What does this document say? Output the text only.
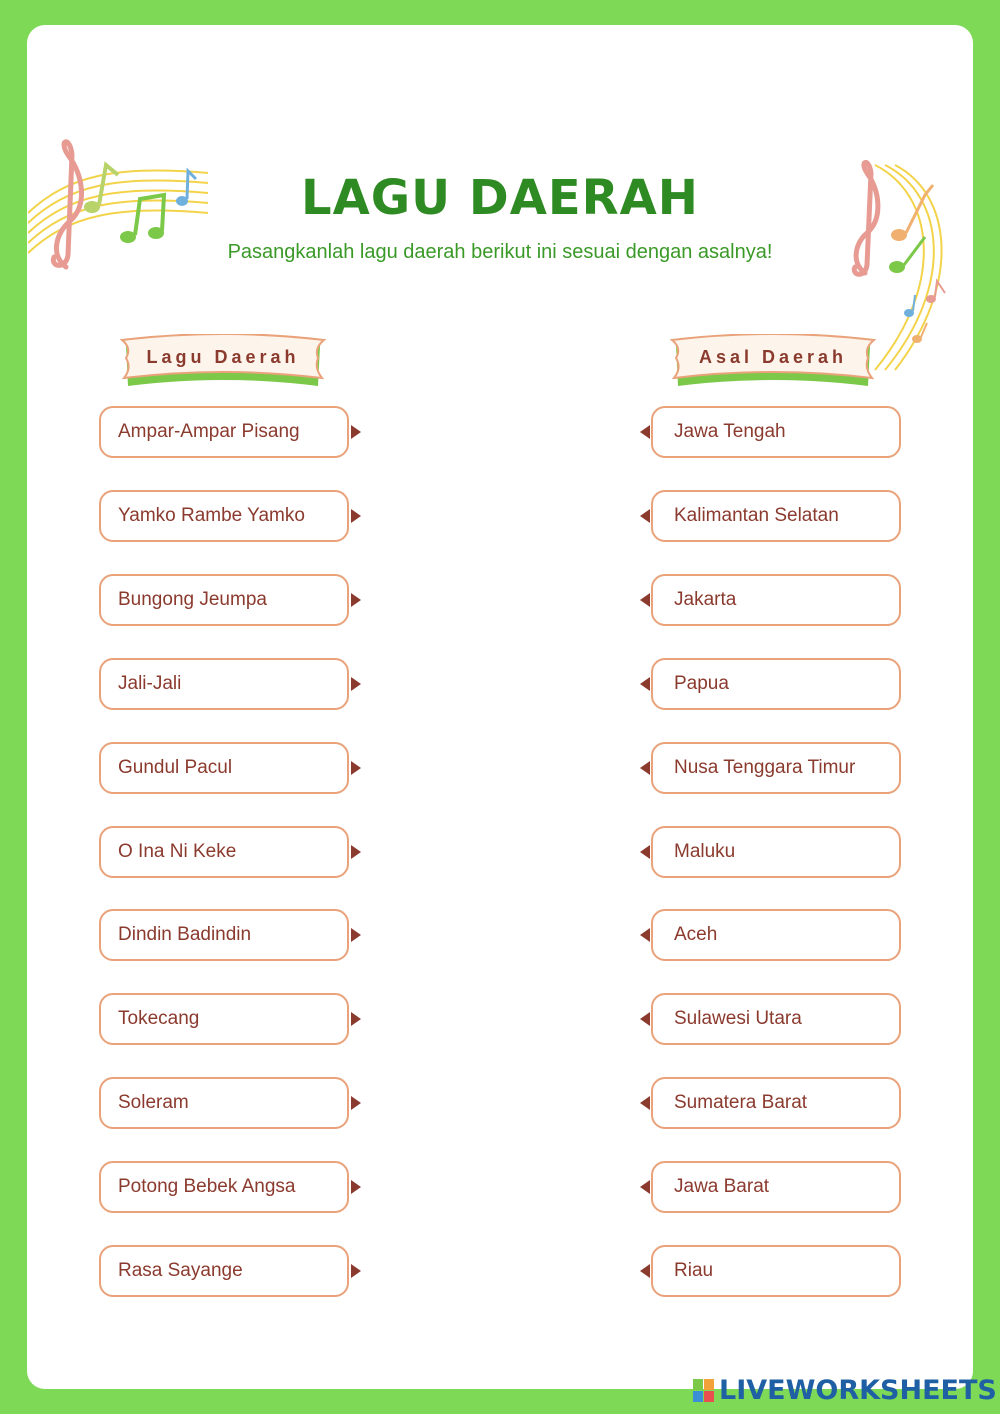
LAGU DAERAH
Pasangkanlah lagu daerah berikut ini sesuai dengan asalnya!
Lagu Daerah	Asal Daerah
Ampar-Ampar Pisang
Yamko Rambe Yamko
Bungong Jeumpa
Jali-Jali
Gundul Pacul
O Ina Ni Keke
Dindin Badindin
Tokecang
Soleram
Potong Bebek Angsa
Rasa Sayange
Jawa Tengah
Kalimantan Selatan
Jakarta
Papua
Nusa Tenggara Timur
Maluku
Aceh
Sulawesi Utara
Sumatera Barat
Jawa Barat
Riau
LIVEWORKSHEETS
